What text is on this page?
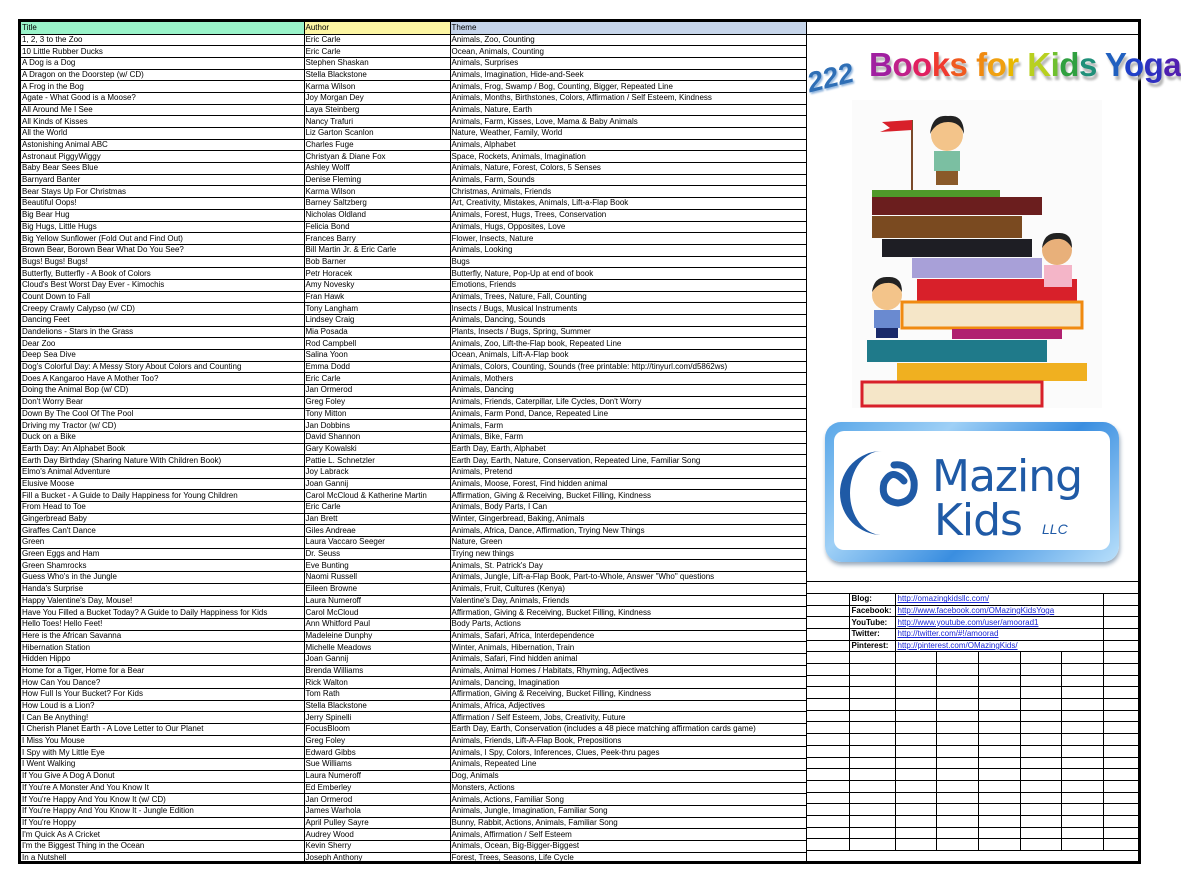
Title	Author	Theme
1, 2, 3 to the Zoo	Eric Carle	Animals, Zoo, Counting
10 Little Rubber Ducks	Eric Carle	Ocean, Animals, Counting
A Dog is a Dog	Stephen Shaskan	Animals, Surprises
A Dragon on the Doorstep (w/ CD)	Stella Blackstone	Animals, Imagination, Hide-and-Seek
A Frog in the Bog	Karma Wilson	Animals, Frog, Swamp / Bog, Counting, Bigger, Repeated Line
Agate - What Good is a Moose?	Joy Morgan Dey	Animals, Months, Birthstones, Colors, Affirmation / Self Esteem, Kindness
All Around Me I See	Laya Steinberg	Animals, Nature, Earth
All Kinds of Kisses	Nancy Trafuri	Animals, Farm, Kisses, Love, Mama & Baby Animals
All the World	Liz Garton Scanlon	Nature, Weather, Family, World
Astonishing Animal ABC	Charles Fuge	Animals, Alphabet
Astronaut PiggyWiggy	Christyan & Diane Fox	Space, Rockets, Animals, Imagination
Baby Bear Sees Blue	Ashley Wolff	Animals, Nature, Forest, Colors, 5 Senses
Barnyard Banter	Denise Fleming	Animals, Farm, Sounds
Bear Stays Up For Christmas	Karma Wilson	Christmas, Animals, Friends
Beautiful Oops!	Barney Saltzberg	Art, Creativity, Mistakes, Animals, Lift-a-Flap Book
Big Bear Hug	Nicholas Oldland	Animals, Forest, Hugs, Trees, Conservation
Big Hugs, Little Hugs	Felicia Bond	Animals, Hugs, Opposites, Love
Big Yellow Sunflower (Fold Out and Find Out)	Frances Barry	Flower, Insects, Nature
Brown Bear, Borown Bear What Do You See?	Bill Martin Jr. & Eric Carle	Animals, Looking
Bugs! Bugs! Bugs!	Bob Barner	Bugs
Butterfly, Butterfly - A Book of Colors	Petr Horacek	Butterfly, Nature, Pop-Up at end of book
Cloud's Best Worst Day Ever - Kimochis	Amy Novesky	Emotions, Friends
Count Down to Fall	Fran Hawk	Animals, Trees, Nature, Fall, Counting
Creepy Crawly Calypso (w/ CD)	Tony Langham	Insects / Bugs, Musical Instruments
Dancing Feet	Lindsey Craig	Animals, Dancing, Sounds
Dandelions - Stars in the Grass	Mia Posada	Plants, Insects / Bugs, Spring, Summer
Dear Zoo	Rod Campbell	Animals, Zoo, Lift-the-Flap book, Repeated Line
Deep Sea Dive	Salina Yoon	Ocean, Animals, Lift-A-Flap book
Dog's Colorful Day: A Messy Story About Colors and Counting	Emma Dodd	Animals, Colors, Counting, Sounds (free printable: http://tinyurl.com/d5862ws)
Does A Kangaroo Have A Mother Too?	Eric Carle	Animals, Mothers
Doing the Animal Bop (w/ CD)	Jan Ormerod	Animals, Dancing
Don't Worry Bear	Greg Foley	Animals, Friends, Caterpillar, Life Cycles, Don't Worry
Down By The Cool Of The Pool	Tony Mitton	Animals, Farm Pond, Dance, Repeated Line
Driving my Tractor (w/ CD)	Jan Dobbins	Animals, Farm
Duck on a Bike	David Shannon	Animals, Bike, Farm
Earth Day: An Alphabet Book	Gary Kowalski	Earth Day, Earth, Alphabet
Earth Day Birthday (Sharing Nature With Children Book)	Pattie L. Schnetzler	Earth Day, Earth, Nature, Conservation, Repeated Line, Familiar Song
Elmo's Animal Adventure	Joy Labrack	Animals, Pretend
Elusive Moose	Joan Gannij	Animals, Moose, Forest, Find hidden animal
Fill a Bucket - A Guide to Daily Happiness for Young Children	Carol McCloud & Katherine Martin	Affirmation, Giving & Receiving, Bucket Filling, Kindness
From Head to Toe	Eric Carle	Animals, Body Parts, I Can
Gingerbread Baby	Jan Brett	Winter, Gingerbread, Baking, Animals
Giraffes Can't Dance	Giles Andreae	Animals, Africa, Dance, Affirmation, Trying New Things
Green	Laura Vaccaro Seeger	Nature, Green
Green Eggs and Ham	Dr. Seuss	Trying new things
Green Shamrocks	Eve Bunting	Animals, St. Patrick's Day
Guess Who's in the Jungle	Naomi Russell	Animals, Jungle, Lift-a-Flap Book, Part-to-Whole, Answer "Who" questions
Handa's Surprise	Eileen Browne	Animals, Fruit, Cultures (Kenya)
Happy Valentine's Day, Mouse!	Laura Numeroff	Valentine's Day, Animals, Friends
Have You Filled a Bucket Today? A Guide to Daily Happiness for Kids	Carol McCloud	Affirmation, Giving & Receiving, Bucket Filling, Kindness
Hello Toes! Hello Feet!	Ann Whitford Paul	Body Parts, Actions
Here is the African Savanna	Madeleine Dunphy	Animals, Safari, Africa, Interdependence
Hibernation Station	Michelle Meadows	Winter, Animals, Hibernation, Train
Hidden Hippo	Joan Gannij	Animals, Safari, Find hidden animal
Home for a Tiger, Home for a Bear	Brenda Williams	Animals, Animal Homes / Habitats, Rhyming, Adjectives
How Can You Dance?	Rick Walton	Animals, Dancing, Imagination
How Full Is Your Bucket? For Kids	Tom Rath	Affirmation, Giving & Receiving, Bucket Filling, Kindness
How Loud is a Lion?	Stella Blackstone	Animals, Africa, Adjectives
I Can Be Anything!	Jerry Spinelli	Affirmation / Self Esteem, Jobs, Creativity, Future
I Cherish Planet Earth - A Love Letter to Our Planet	FocusBloom	Earth Day, Earth, Conservation (includes a 48 piece matching affirmation cards game)
I Miss You Mouse	Greg Foley	Animals, Friends, Lift-A-Flap Book, Prepositions
I Spy with My Little Eye	Edward Gibbs	Animals, I Spy, Colors, Inferences, Clues, Peek-thru pages
I Went Walking	Sue Williams	Animals, Repeated Line
If You Give A Dog A Donut	Laura Numeroff	Dog, Animals
If You're A Monster And You Know It	Ed Emberley	Monsters, Actions
If You're Happy And You Know It (w/ CD)	Jan Ormerod	Animals, Actions, Familiar Song
If You're Happy And You Know It - Jungle Edition	James Warhola	Animals, Jungle, Imagination, Familiar Song
If You're Hoppy	April Pulley Sayre	Bunny, Rabbit, Actions, Animals, Familiar Song
I'm Quick As A Cricket	Audrey Wood	Animals, Affirmation / Self Esteem
I'm the Biggest Thing in the Ocean	Kevin Sherry	Animals, Ocean, Big-Bigger-Biggest
In a Nutshell	Joseph Anthony	Forest, Trees, Seasons, Life Cycle
222 Books for Kids Yoga
Mazing
Kids LLC

	Blog:	http://omazingkidsllc.com/					
	Facebook:	http://www.facebook.com/OMazingKidsYoga					
	YouTube:	http://www.youtube.com/user/amoorad1					
	Twitter:	http://twitter.com/#!/amoorad					
	Pinterest:	http://pinterest.com/OMazingKids/					
